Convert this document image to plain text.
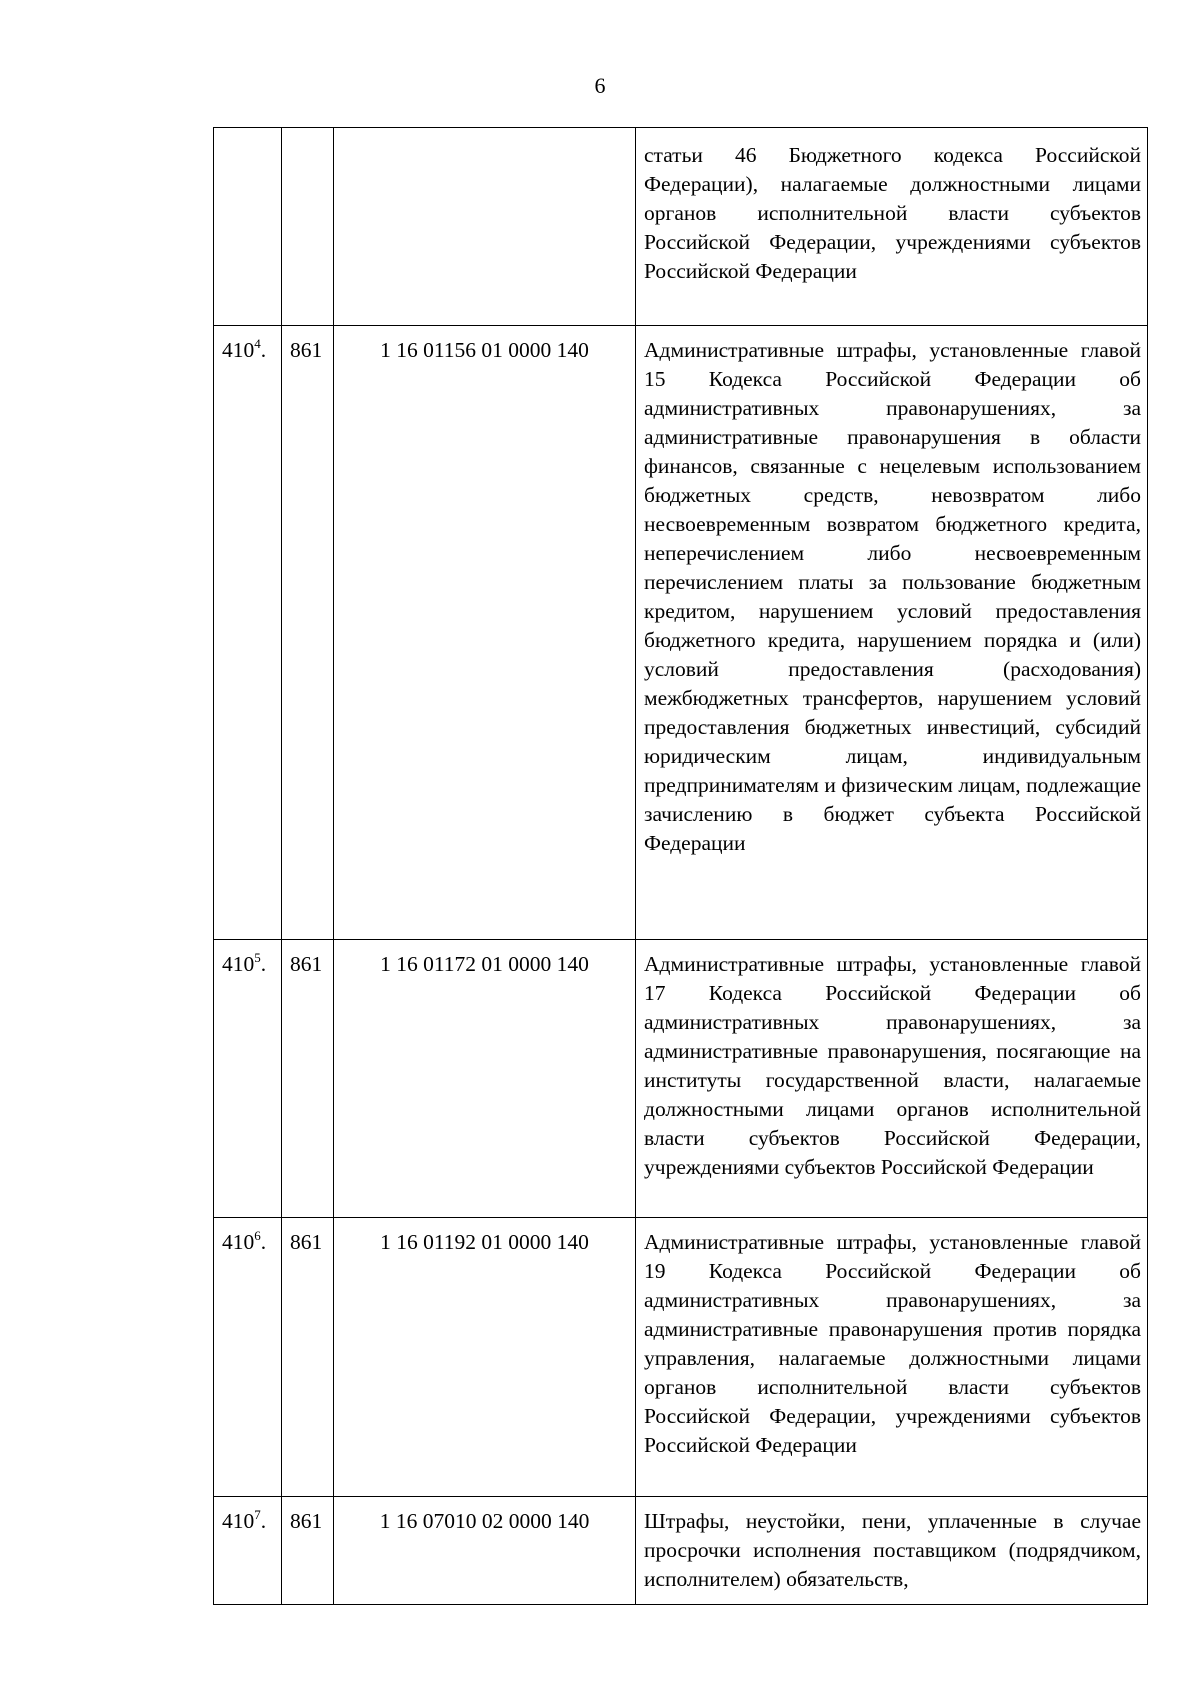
6
			статьи 46 Бюджетного кодекса Российской Федерации), налагаемые должностными лицами органов исполнительной власти субъектов Российской Федерации, учреждениями субъектов Российской Федерации
$410^4$.	861	1 16 01156 01 0000 140	Административные штрафы, установленные главой 15 Кодекса Российской Федерации об административных правонарушениях, за административные правонарушения в области финансов, связанные с нецелевым использованием бюджетных средств, невозвратом либо несвоевременным возвратом бюджетного кредита, неперечислением либо несвоевременным перечислением платы за пользование бюджетным кредитом, нарушением условий предоставления бюджетного кредита, нарушением порядка и (или) условий предоставления (расходования) межбюджетных трансфертов, нарушением условий предоставления бюджетных инвестиций, субсидий юридическим лицам, индивидуальным предпринимателям и физическим лицам, подлежащие зачислению в бюджет субъекта Российской Федерации
$410^5$.	861	1 16 01172 01 0000 140	Административные штрафы, установленные главой 17 Кодекса Российской Федерации об административных правонарушениях, за административные правонарушения, посягающие на институты государственной власти, налагаемые должностными лицами органов исполнительной власти субъектов Российской Федерации, учреждениями субъектов Российской Федерации
$410^6$.	861	1 16 01192 01 0000 140	Административные штрафы, установленные главой 19 Кодекса Российской Федерации об административных правонарушениях, за административные правонарушения против порядка управления, налагаемые должностными лицами органов исполнительной власти субъектов Российской Федерации, учреждениями субъектов Российской Федерации
$410^7$.	861	1 16 07010 02 0000 140	Штрафы, неустойки, пени, уплаченные в случае просрочки исполнения поставщиком (подрядчиком, исполнителем) обязательств,
